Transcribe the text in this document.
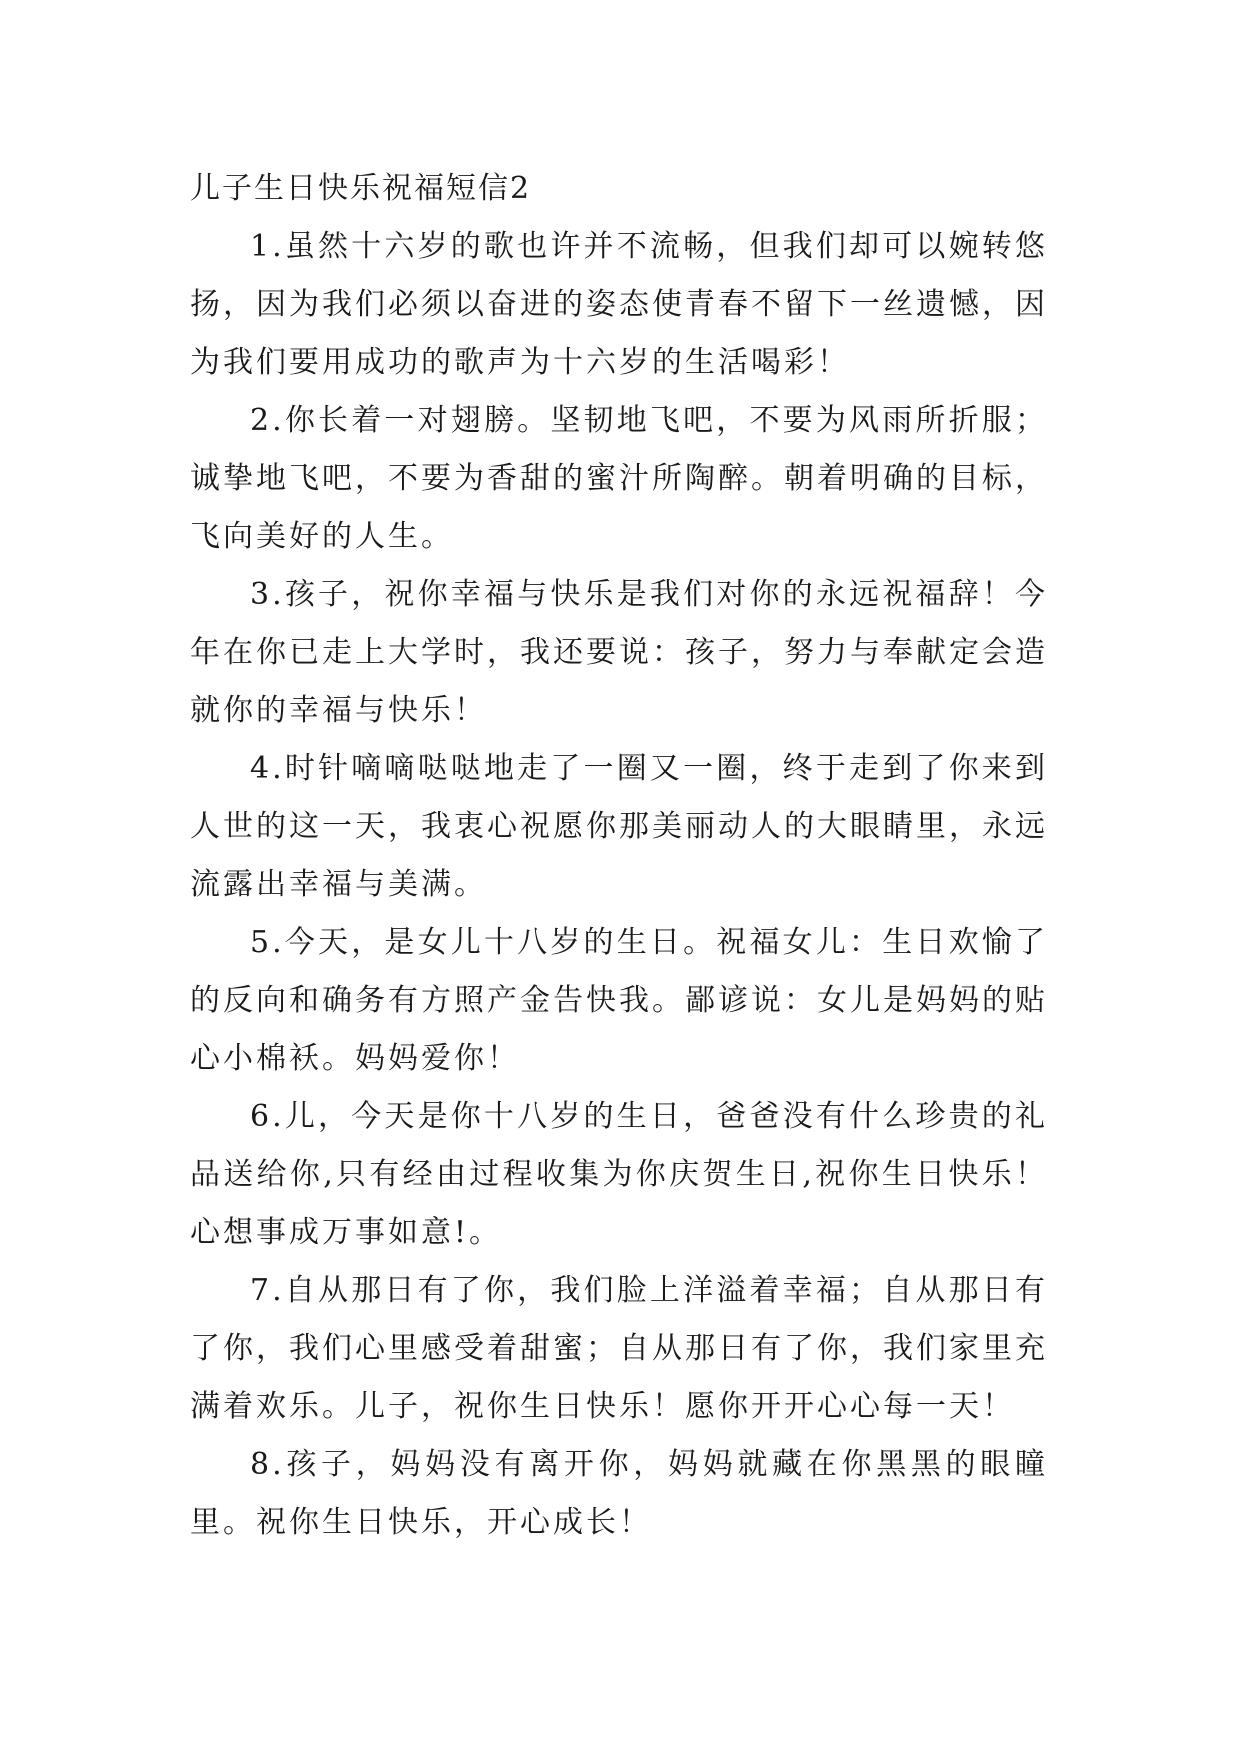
儿子生日快乐祝福短信2

1.虽然十六岁的歌也许并不流畅，但我们却可以婉转悠扬，因为我们必须以奋进的姿态使青春不留下一丝遗憾，因为我们要用成功的歌声为十六岁的生活喝彩！

2.你长着一对翅膀。坚韧地飞吧，不要为风雨所折服；诚挚地飞吧，不要为香甜的蜜汁所陶醉。朝着明确的目标，飞向美好的人生。

3.孩子，祝你幸福与快乐是我们对你的永远祝福辞！今年在你已走上大学时，我还要说：孩子，努力与奉献定会造就你的幸福与快乐！

4.时针嘀嘀哒哒地走了一圈又一圈，终于走到了你来到人世的这一天，我衷心祝愿你那美丽动人的大眼睛里，永远流露出幸福与美满。

5.今天，是女儿十八岁的生日。祝福女儿：生日欢愉了的反向和确务有方照产金告快我。鄙谚说：女儿是妈妈的贴心小棉袄。妈妈爱你！

6.儿，今天是你十八岁的生日，爸爸没有什么珍贵的礼品送给你,只有经由过程收集为你庆贺生日,祝你生日快乐！心想事成万事如意!。

7.自从那日有了你，我们脸上洋溢着幸福；自从那日有了你，我们心里感受着甜蜜；自从那日有了你，我们家里充满着欢乐。儿子，祝你生日快乐！愿你开开心心每一天！

8.孩子，妈妈没有离开你，妈妈就藏在你黑黑的眼瞳里。祝你生日快乐，开心成长！
